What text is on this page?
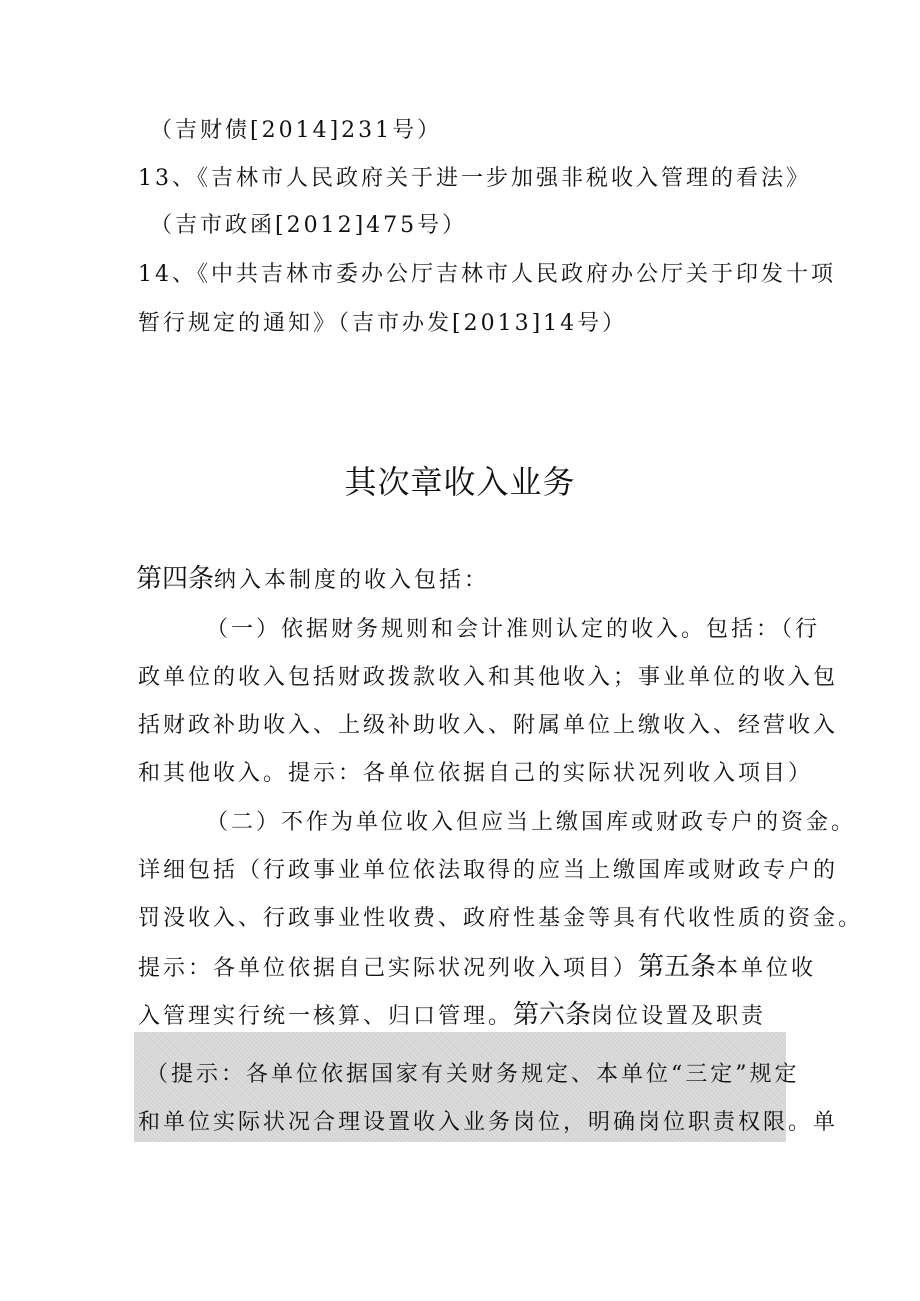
（吉财债[2014]231号）
13、《吉林市人民政府关于进一步加强非税收入管理的看法》
（吉市政函[2012]475号）
14、《中共吉林市委办公厅吉林市人民政府办公厅关于印发十项
暂行规定的通知》（吉市办发[2013]14号）
其次章收入业务
第四条纳入本制度的收入包括：
（一）依据财务规则和会计准则认定的收入。包括：（行
政单位的收入包括财政拨款收入和其他收入；事业单位的收入包
括财政补助收入、上级补助收入、附属单位上缴收入、经营收入
和其他收入。提示：各单位依据自己的实际状况列收入项目）
（二）不作为单位收入但应当上缴国库或财政专户的资金。
详细包括（行政事业单位依法取得的应当上缴国库或财政专户的
罚没收入、行政事业性收费、政府性基金等具有代收性质的资金。
提示：各单位依据自己实际状况列收入项目）第五条本单位收
入管理实行统一核算、归口管理。第六条岗位设置及职责
（提示：各单位依据国家有关财务规定、本单位“三定”规定
和单位实际状况合理设置收入业务岗位，明确岗位职责权限。单
